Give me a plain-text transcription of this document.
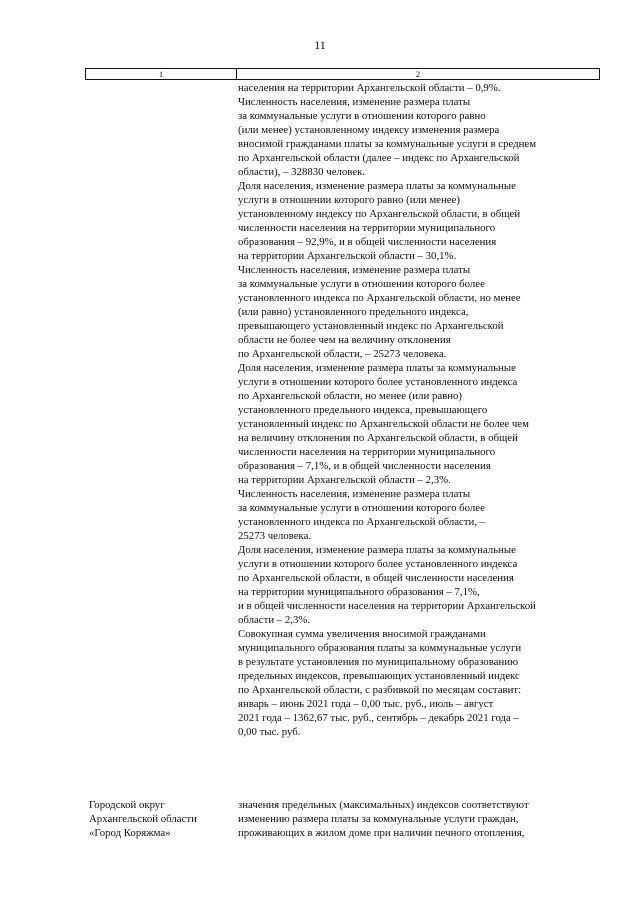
11
1	2
населения на территории Архангельской области – 0,9%.
Численность населения, изменение размера платы
за коммунальные услуги в отношении которого равно
(или менее) установленному индексу изменения размера
вносимой гражданами платы за коммунальные услуги в среднем
по Архангельской области (далее – индекс по Архангельской
области), – 328830 человек.
Доля населения, изменение размера платы за коммунальные
услуги в отношении которого равно (или менее)
установленному индексу по Архангельской области, в общей
численности населения на территории муниципального
образования – 92,9%, и в общей численности населения
на территории Архангельской области – 30,1%.
Численность населения, изменение размера платы
за коммунальные услуги в отношении которого более
установленного индекса по Архангельской области, но менее
(или равно) установленного предельного индекса,
превышающего установленный индекс по Архангельской
области не более чем на величину отклонения
по Архангельской области, – 25273 человека.
Доля населения, изменение размера платы за коммунальные
услуги в отношении которого более установленного индекса
по Архангельской области, но менее (или равно)
установленного предельного индекса, превышающего
установленный индекс по Архангельской области не более чем
на величину отклонения по Архангельской области, в общей
численности населения на территории муниципального
образования – 7,1%, и в общей численности населения
на территории Архангельской области – 2,3%.
Численность населения, изменение размера платы
за коммунальные услуги в отношении которого более
установленного индекса по Архангельской области, –
25273 человека.
Доля населения, изменение размера платы за коммунальные
услуги в отношении которого более установленного индекса
по Архангельской области, в общей численности населения
на территории муниципального образования – 7,1%,
и в общей численности населения на территории Архангельской
области – 2,3%.
Совокупная сумма увеличения вносимой гражданами
муниципального образования платы за коммунальные услуги
в результате установления по муниципальному образованию
предельных индексов, превышающих установленный индекс
по Архангельской области, с разбивкой по месяцам составит:
январь – июнь 2021 года – 0,00 тыс. руб., июль – август
2021 года – 1362,67 тыс. руб., сентябрь – декабрь 2021 года –
0,00 тыс. руб.
Городской округ
Архангельской области
«Город Коряжма»
значения предельных (максимальных) индексов соответствуют
изменению размера платы за коммунальные услуги граждан,
проживающих в жилом доме при наличии печного отопления,
